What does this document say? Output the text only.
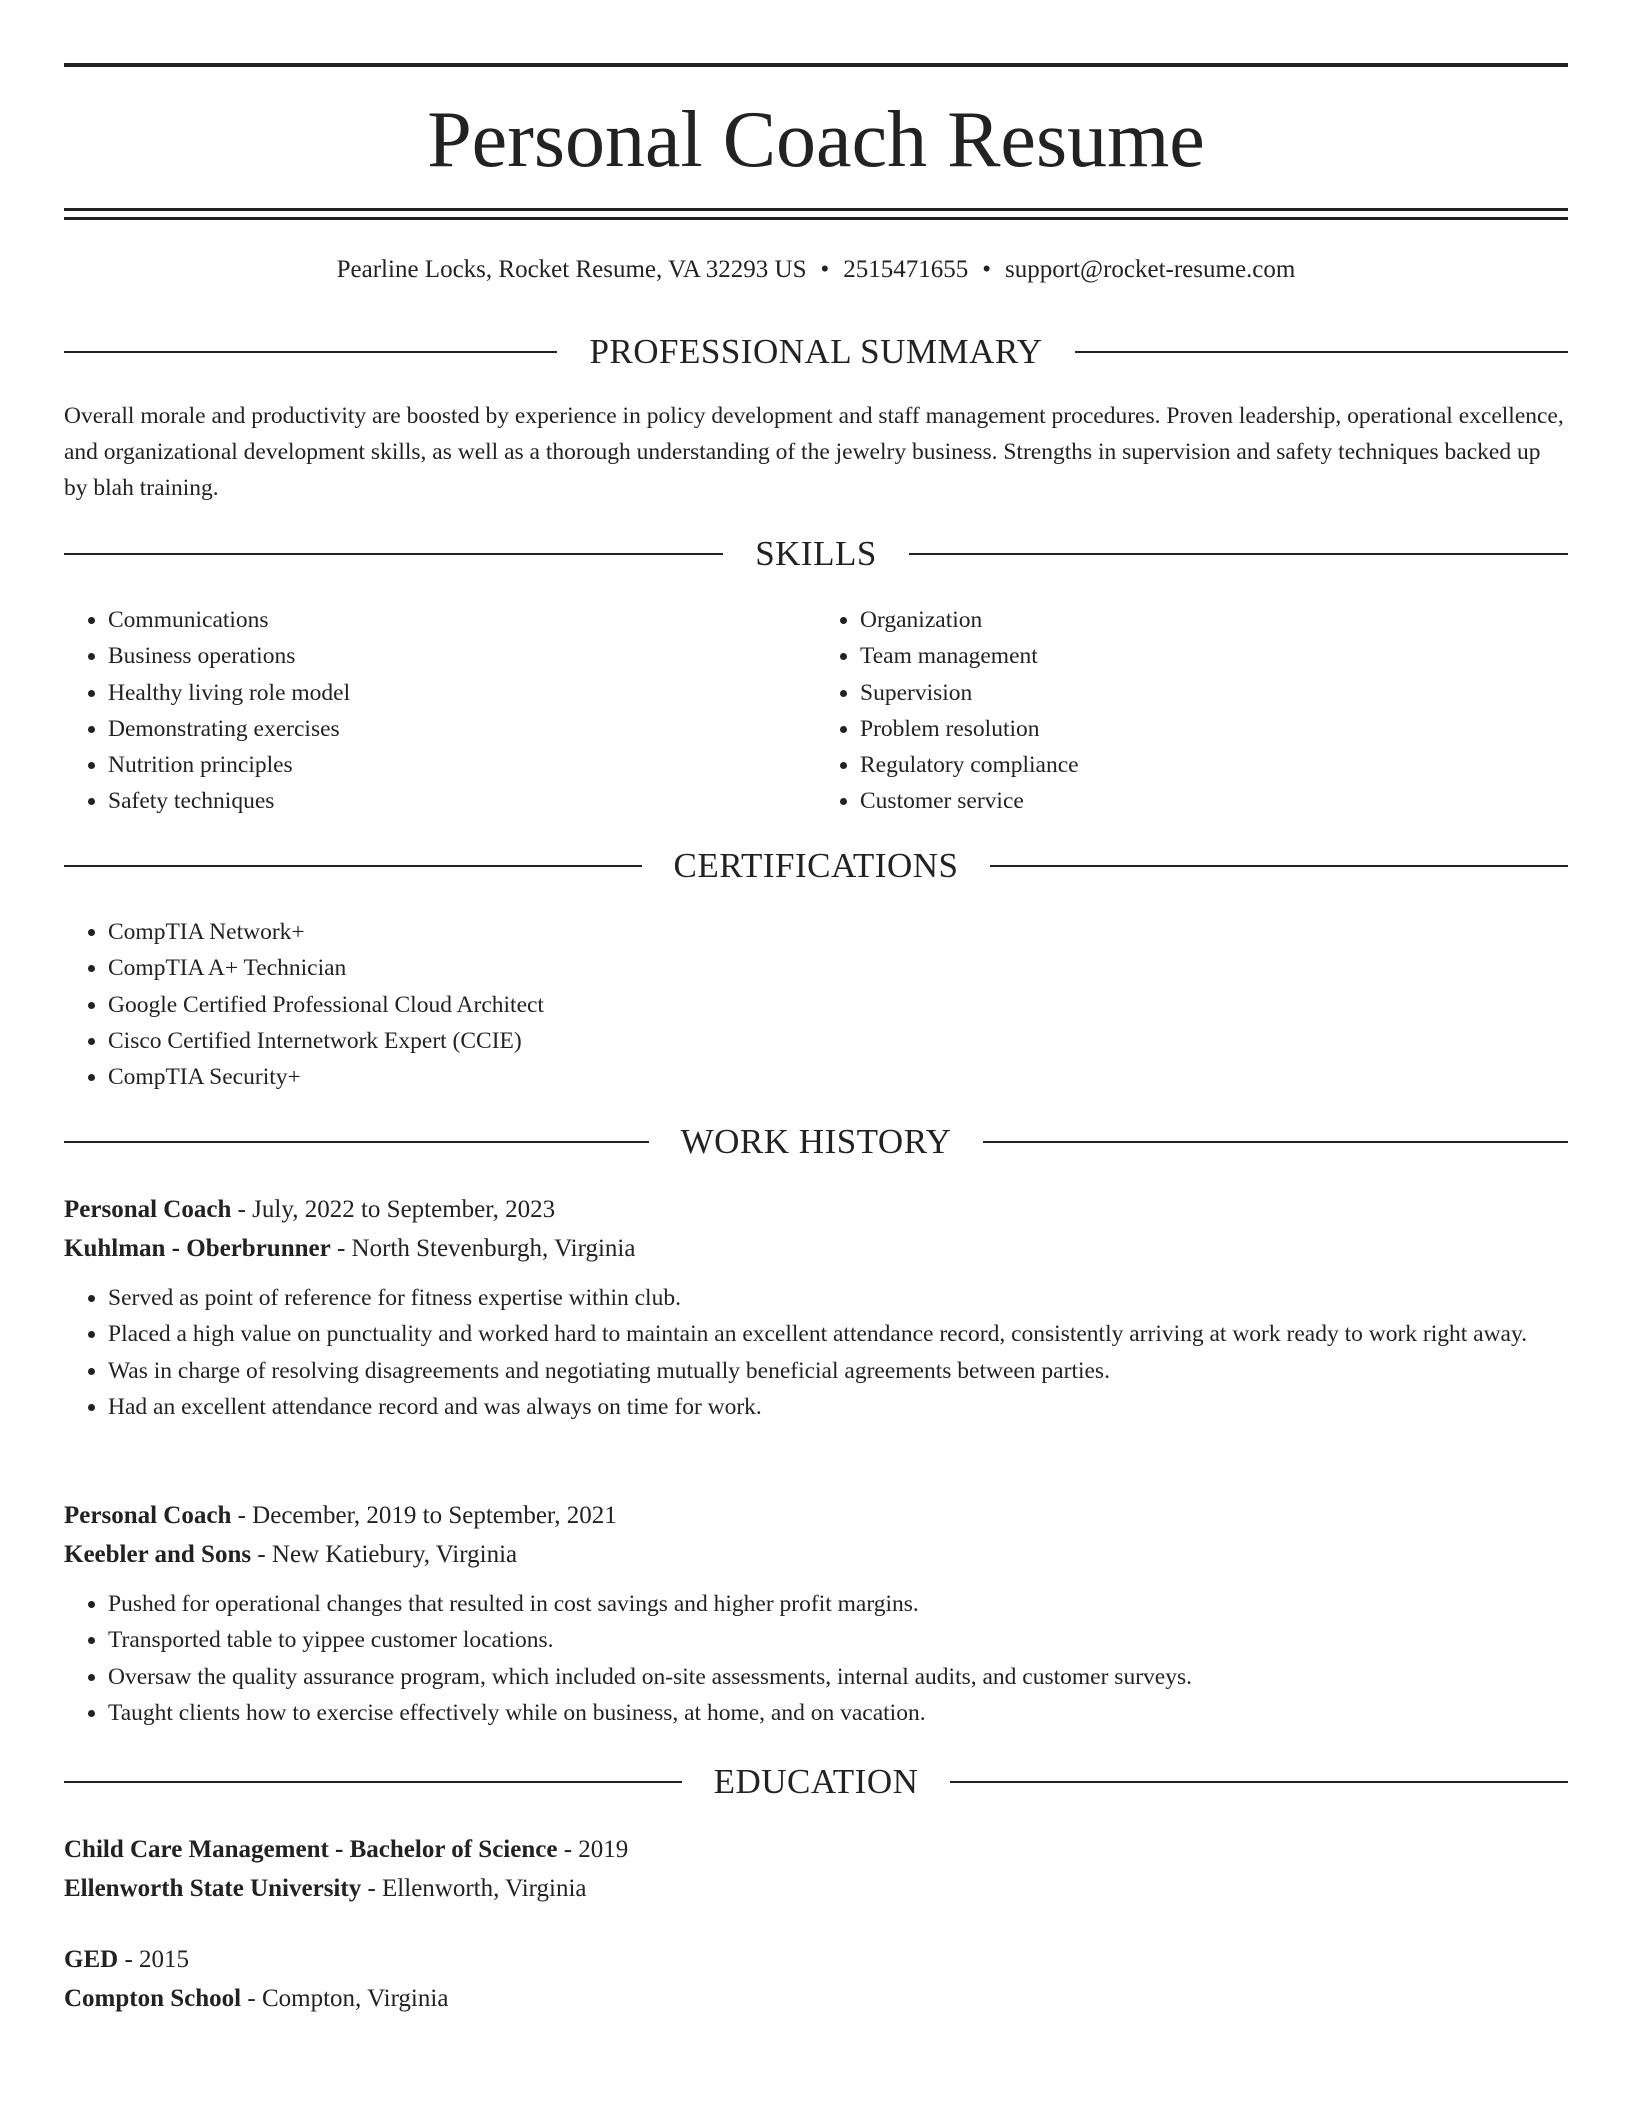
Personal Coach Resume
Pearline Locks, Rocket Resume, VA 32293 US • 2515471655 • support@rocket-resume.com
PROFESSIONAL SUMMARY

Overall morale and productivity are boosted by experience in policy development and staff management procedures. Proven leadership, operational excellence, and organizational development skills, as well as a thorough understanding of the jewelry business. Strengths in supervision and safety techniques backed up by blah training.

SKILLS
• Communications
• Business operations
• Healthy living role model
• Demonstrating exercises
• Nutrition principles
• Safety techniques
• Organization
• Team management
• Supervision
• Problem resolution
• Regulatory compliance
• Customer service
CERTIFICATIONS
• CompTIA Network+
• CompTIA A+ Technician
• Google Certified Professional Cloud Architect
• Cisco Certified Internetwork Expert (CCIE)
• CompTIA Security+
WORK HISTORY
Personal Coach - July, 2022 to September, 2023
Kuhlman - Oberbrunner - North Stevenburgh, Virginia
• Served as point of reference for fitness expertise within club.
• Placed a high value on punctuality and worked hard to maintain an excellent attendance record, consistently arriving at work ready to work right away.
• Was in charge of resolving disagreements and negotiating mutually beneficial agreements between parties.
• Had an excellent attendance record and was always on time for work.
Personal Coach - December, 2019 to September, 2021
Keebler and Sons - New Katiebury, Virginia
• Pushed for operational changes that resulted in cost savings and higher profit margins.
• Transported table to yippee customer locations.
• Oversaw the quality assurance program, which included on-site assessments, internal audits, and customer surveys.
• Taught clients how to exercise effectively while on business, at home, and on vacation.
EDUCATION
Child Care Management - Bachelor of Science - 2019
Ellenworth State University - Ellenworth, Virginia
GED - 2015
Compton School - Compton, Virginia
